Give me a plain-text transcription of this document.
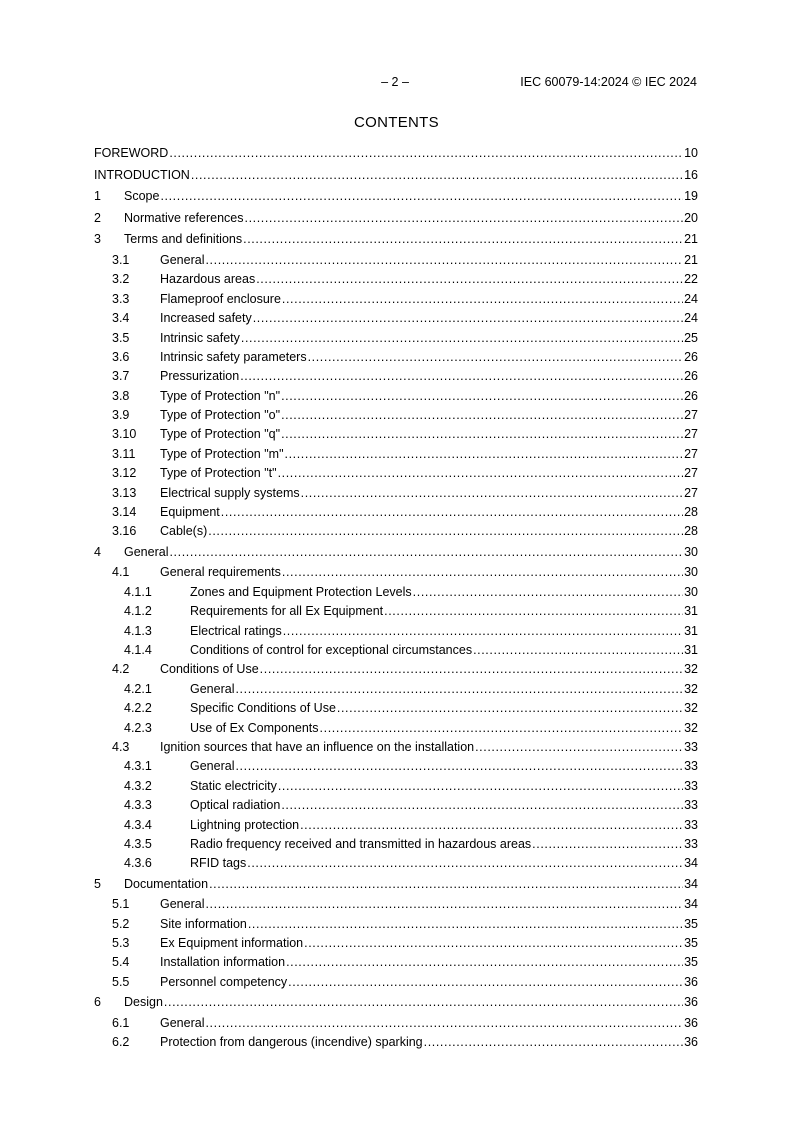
– 2 –	IEC 60079-14:2024 © IEC 2024
CONTENTS
FOREWORD .....	10
INTRODUCTION .....	16
1 Scope .....	19
2 Normative references .....	20
3 Terms and definitions .....	21
3.1 General .....	21
3.2 Hazardous areas .....	22
3.3 Flameproof enclosure .....	24
3.4 Increased safety .....	24
3.5 Intrinsic safety .....	25
3.6 Intrinsic safety parameters .....	26
3.7 Pressurization .....	26
3.8 Type of Protection "n" .....	26
3.9 Type of Protection "o" .....	27
3.10 Type of Protection "q" .....	27
3.11 Type of Protection "m" .....	27
3.12 Type of Protection "t" .....	27
3.13 Electrical supply systems .....	27
3.14 Equipment .....	28
3.16 Cable(s) .....	28
4 General .....	30
4.1 General requirements .....	30
4.1.1	Zones and Equipment Protection Levels .....	30
4.1.2	Requirements for all Ex Equipment .....	31
4.1.3	Electrical ratings .....	31
4.1.4	Conditions of control for exceptional circumstances .....	31
4.2 Conditions of Use .....	32
4.2.1	General .....	32
4.2.2	Specific Conditions of Use .....	32
4.2.3	Use of Ex Components .....	32
4.3 Ignition sources that have an influence on the installation .....	33
4.3.1	General .....	33
4.3.2	Static electricity .....	33
4.3.3	Optical radiation .....	33
4.3.4	Lightning protection .....	33
4.3.5	Radio frequency received and transmitted in hazardous areas .....	33
4.3.6	RFID tags .....	34
5 Documentation .....	34
5.1 General .....	34
5.2 Site information .....	35
5.3 Ex Equipment information .....	35
5.4 Installation information .....	35
5.5 Personnel competency .....	36
6 Design .....	36
6.1 General .....	36
6.2 Protection from dangerous (incendive) sparking .....	36
